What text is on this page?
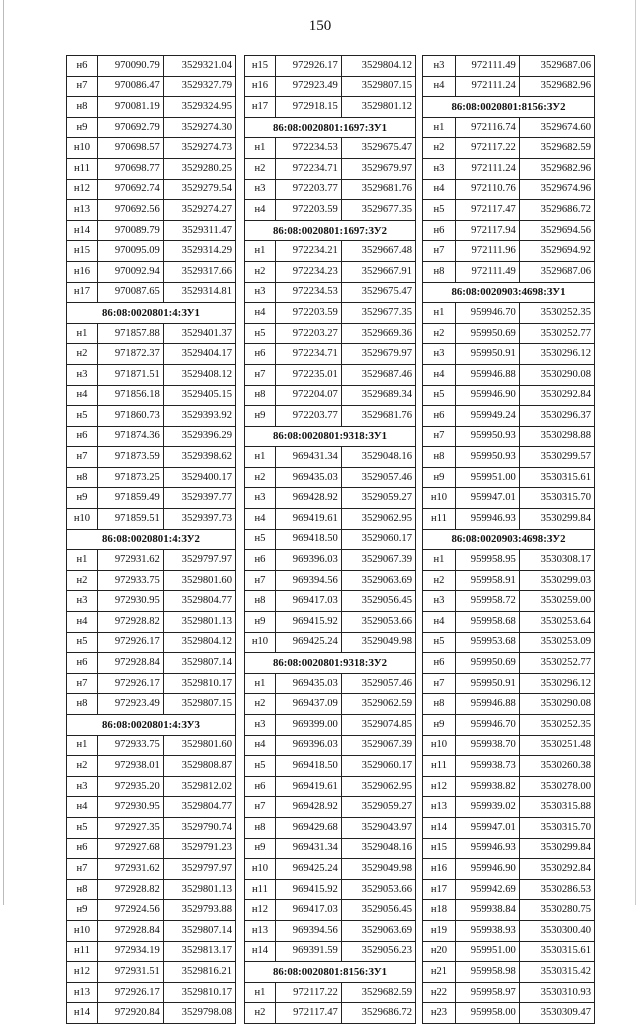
150
н6	970090.79	3529321.04
н7	970086.47	3529327.79
н8	970081.19	3529324.95
н9	970692.79	3529274.30
н10	970698.57	3529274.73
н11	970698.77	3529280.25
н12	970692.74	3529279.54
н13	970692.56	3529274.27
н14	970089.79	3529311.47
н15	970095.09	3529314.29
н16	970092.94	3529317.66
н17	970087.65	3529314.81
86:08:0020801:4:ЗУ1		
н1	971857.88	3529401.37
н2	971872.37	3529404.17
н3	971871.51	3529408.12
н4	971856.18	3529405.15
н5	971860.73	3529393.92
н6	971874.36	3529396.29
н7	971873.59	3529398.62
н8	971873.25	3529400.17
н9	971859.49	3529397.77
н10	971859.51	3529397.73
86:08:0020801:4:ЗУ2		
н1	972931.62	3529797.97
н2	972933.75	3529801.60
н3	972930.95	3529804.77
н4	972928.82	3529801.13
н5	972926.17	3529804.12
н6	972928.84	3529807.14
н7	972926.17	3529810.17
н8	972923.49	3529807.15
86:08:0020801:4:ЗУ3		
н1	972933.75	3529801.60
н2	972938.01	3529808.87
н3	972935.20	3529812.02
н4	972930.95	3529804.77
н5	972927.35	3529790.74
н6	972927.68	3529791.23
н7	972931.62	3529797.97
н8	972928.82	3529801.13
н9	972924.56	3529793.88
н10	972928.84	3529807.14
н11	972934.19	3529813.17
н12	972931.51	3529816.21
н13	972926.17	3529810.17
н14	972920.84	3529798.08
н15	972926.17	3529804.12
н16	972923.49	3529807.15
н17	972918.15	3529801.12
86:08:0020801:1697:ЗУ1		
н1	972234.53	3529675.47
н2	972234.71	3529679.97
н3	972203.77	3529681.76
н4	972203.59	3529677.35
86:08:0020801:1697:ЗУ2		
н1	972234.21	3529667.48
н2	972234.23	3529667.91
н3	972234.53	3529675.47
н4	972203.59	3529677.35
н5	972203.27	3529669.36
н6	972234.71	3529679.97
н7	972235.01	3529687.46
н8	972204.07	3529689.34
н9	972203.77	3529681.76
86:08:0020801:9318:ЗУ1		
н1	969431.34	3529048.16
н2	969435.03	3529057.46
н3	969428.92	3529059.27
н4	969419.61	3529062.95
н5	969418.50	3529060.17
н6	969396.03	3529067.39
н7	969394.56	3529063.69
н8	969417.03	3529056.45
н9	969415.92	3529053.66
н10	969425.24	3529049.98
86:08:0020801:9318:ЗУ2		
н1	969435.03	3529057.46
н2	969437.09	3529062.59
н3	969399.00	3529074.85
н4	969396.03	3529067.39
н5	969418.50	3529060.17
н6	969419.61	3529062.95
н7	969428.92	3529059.27
н8	969429.68	3529043.97
н9	969431.34	3529048.16
н10	969425.24	3529049.98
н11	969415.92	3529053.66
н12	969417.03	3529056.45
н13	969394.56	3529063.69
н14	969391.59	3529056.23
86:08:0020801:8156:ЗУ1		
н1	972117.22	3529682.59
н2	972117.47	3529686.72
н3	972111.49	3529687.06
н4	972111.24	3529682.96
86:08:0020801:8156:ЗУ2		
н1	972116.74	3529674.60
н2	972117.22	3529682.59
н3	972111.24	3529682.96
н4	972110.76	3529674.96
н5	972117.47	3529686.72
н6	972117.94	3529694.56
н7	972111.96	3529694.92
н8	972111.49	3529687.06
86:08:0020903:4698:ЗУ1		
н1	959946.70	3530252.35
н2	959950.69	3530252.77
н3	959950.91	3530296.12
н4	959946.88	3530290.08
н5	959946.90	3530292.84
н6	959949.24	3530296.37
н7	959950.93	3530298.88
н8	959950.93	3530299.57
н9	959951.00	3530315.61
н10	959947.01	3530315.70
н11	959946.93	3530299.84
86:08:0020903:4698:ЗУ2		
н1	959958.95	3530308.17
н2	959958.91	3530299.03
н3	959958.72	3530259.00
н4	959958.68	3530253.64
н5	959953.68	3530253.09
н6	959950.69	3530252.77
н7	959950.91	3530296.12
н8	959946.88	3530290.08
н9	959946.70	3530252.35
н10	959938.70	3530251.48
н11	959938.73	3530260.38
н12	959938.82	3530278.00
н13	959939.02	3530315.88
н14	959947.01	3530315.70
н15	959946.93	3530299.84
н16	959946.90	3530292.84
н17	959942.69	3530286.53
н18	959938.84	3530280.75
н19	959938.93	3530300.40
н20	959951.00	3530315.61
н21	959958.98	3530315.42
н22	959958.97	3530310.93
н23	959958.00	3530309.47
